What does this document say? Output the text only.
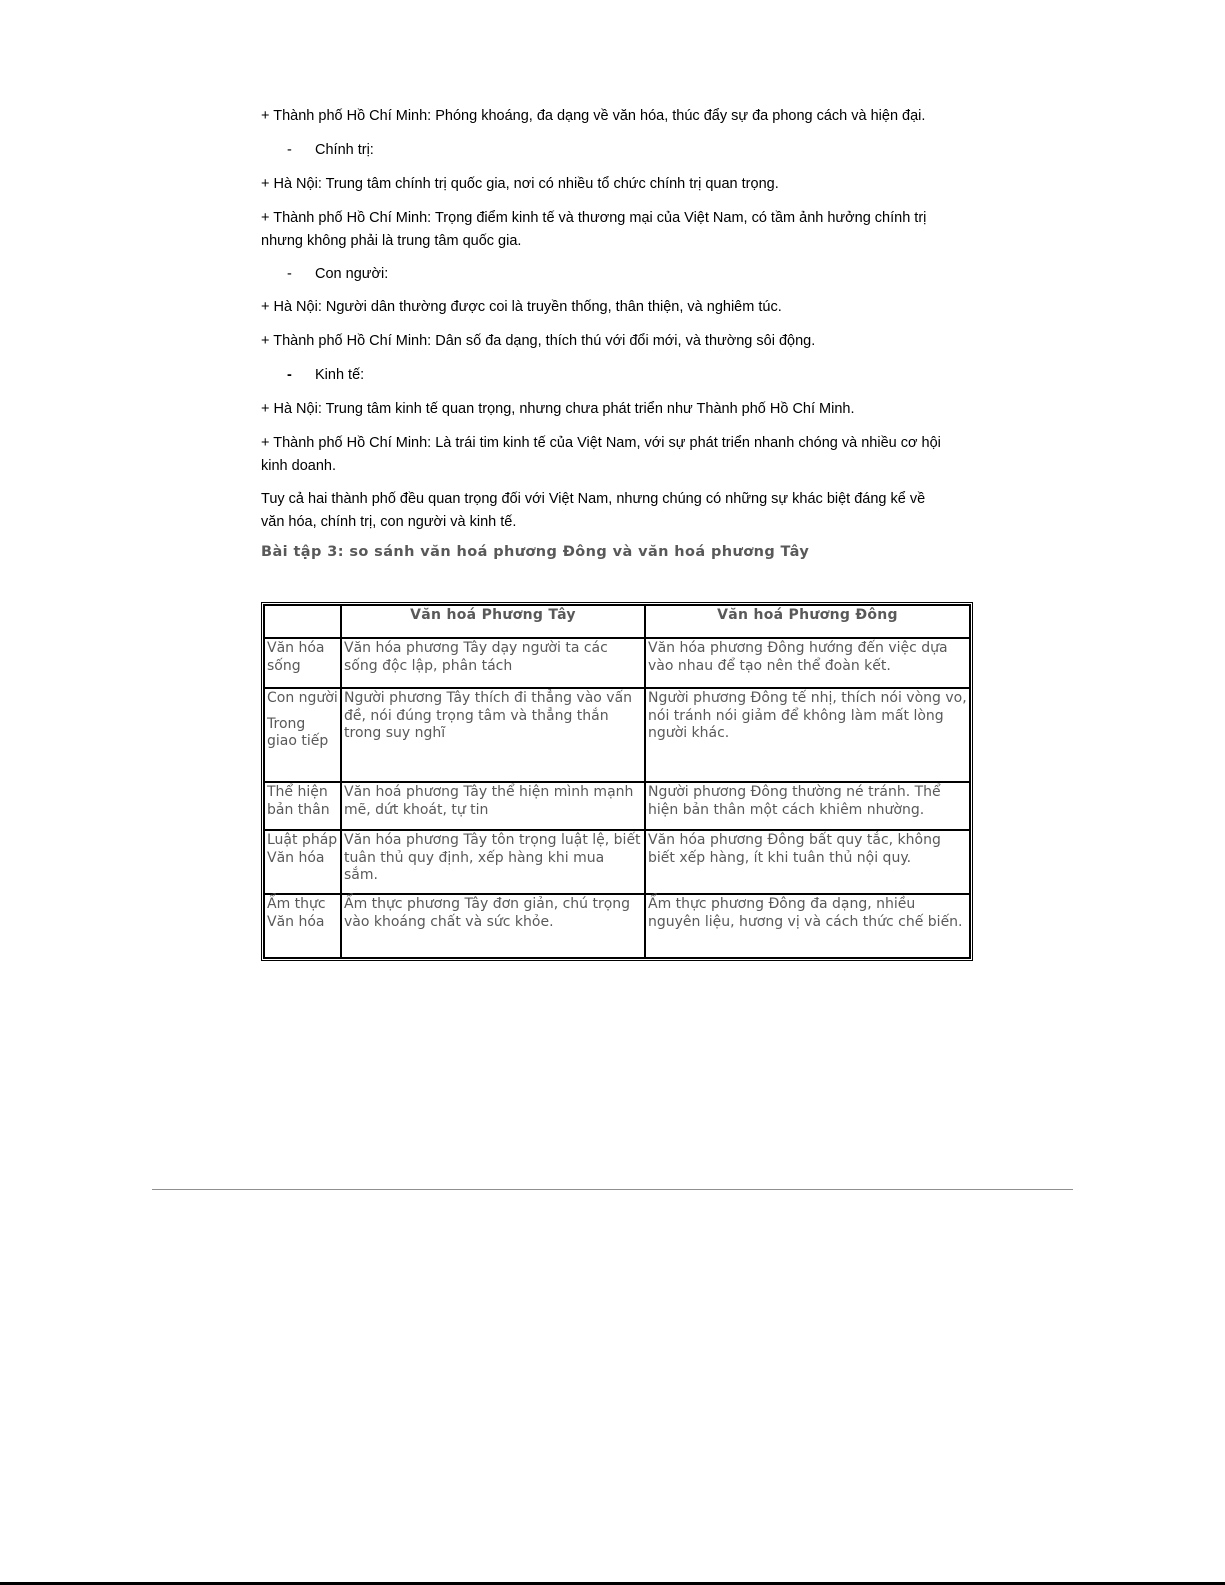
+ Thành phố Hồ Chí Minh: Phóng khoáng, đa dạng về văn hóa, thúc đẩy sự đa phong cách và hiện đại.

- Chính trị:

+ Hà Nội: Trung tâm chính trị quốc gia, nơi có nhiều tổ chức chính trị quan trọng.

+ Thành phố Hồ Chí Minh: Trọng điểm kinh tế và thương mại của Việt Nam, có tầm ảnh hưởng chính trị nhưng không phải là trung tâm quốc gia.

- Con người:

+ Hà Nội: Người dân thường được coi là truyền thống, thân thiện, và nghiêm túc.

+ Thành phố Hồ Chí Minh: Dân số đa dạng, thích thú với đổi mới, và thường sôi động.

- Kinh tế:

+ Hà Nội: Trung tâm kinh tế quan trọng, nhưng chưa phát triển như Thành phố Hồ Chí Minh.

+ Thành phố Hồ Chí Minh: Là trái tim kinh tế của Việt Nam, với sự phát triển nhanh chóng và nhiều cơ hội kinh doanh.

Tuy cả hai thành phố đều quan trọng đối với Việt Nam, nhưng chúng có những sự khác biệt đáng kể về văn hóa, chính trị, con người và kinh tế.

Bài tập 3: so sánh văn hoá phương Đông và văn hoá phương Tây
	Văn hoá Phương Tây	Văn hoá Phương Đông

Văn hóa
sống	Văn hóa phương Tây dạy người ta các sống độc lập, phân tách	Văn hóa phương Đông hướng đến việc dựa vào nhau để tạo nên thể đoàn kết.

Con người
Trong giao tiếp	Người phương Tây thích đi thẳng vào vấn đề, nói đúng trọng tâm và thẳng thắn trong suy nghĩ	Người phương Đông tế nhị, thích nói vòng vo, nói tránh nói giảm để không làm mất lòng người khác.

Thể hiện
bản thân	Văn hoá phương Tây thể hiện mình mạnh mẽ, dứt khoát, tự tin	Người phương Đông thường né tránh. Thể hiện bản thân một cách khiêm nhường.

Luật pháp
Văn hóa	Văn hóa phương Tây tôn trọng luật lệ, biết tuân thủ quy định, xếp hàng khi mua sắm.	Văn hóa phương Đông bất quy tắc, không biết xếp hàng, ít khi tuân thủ nội quy.

Ẩm thực
Văn hóa	Ẩm thực phương Tây đơn giản, chú trọng vào khoáng chất và sức khỏe.	Ẩm thực phương Đông đa dạng, nhiều nguyên liệu, hương vị và cách thức chế biến.
